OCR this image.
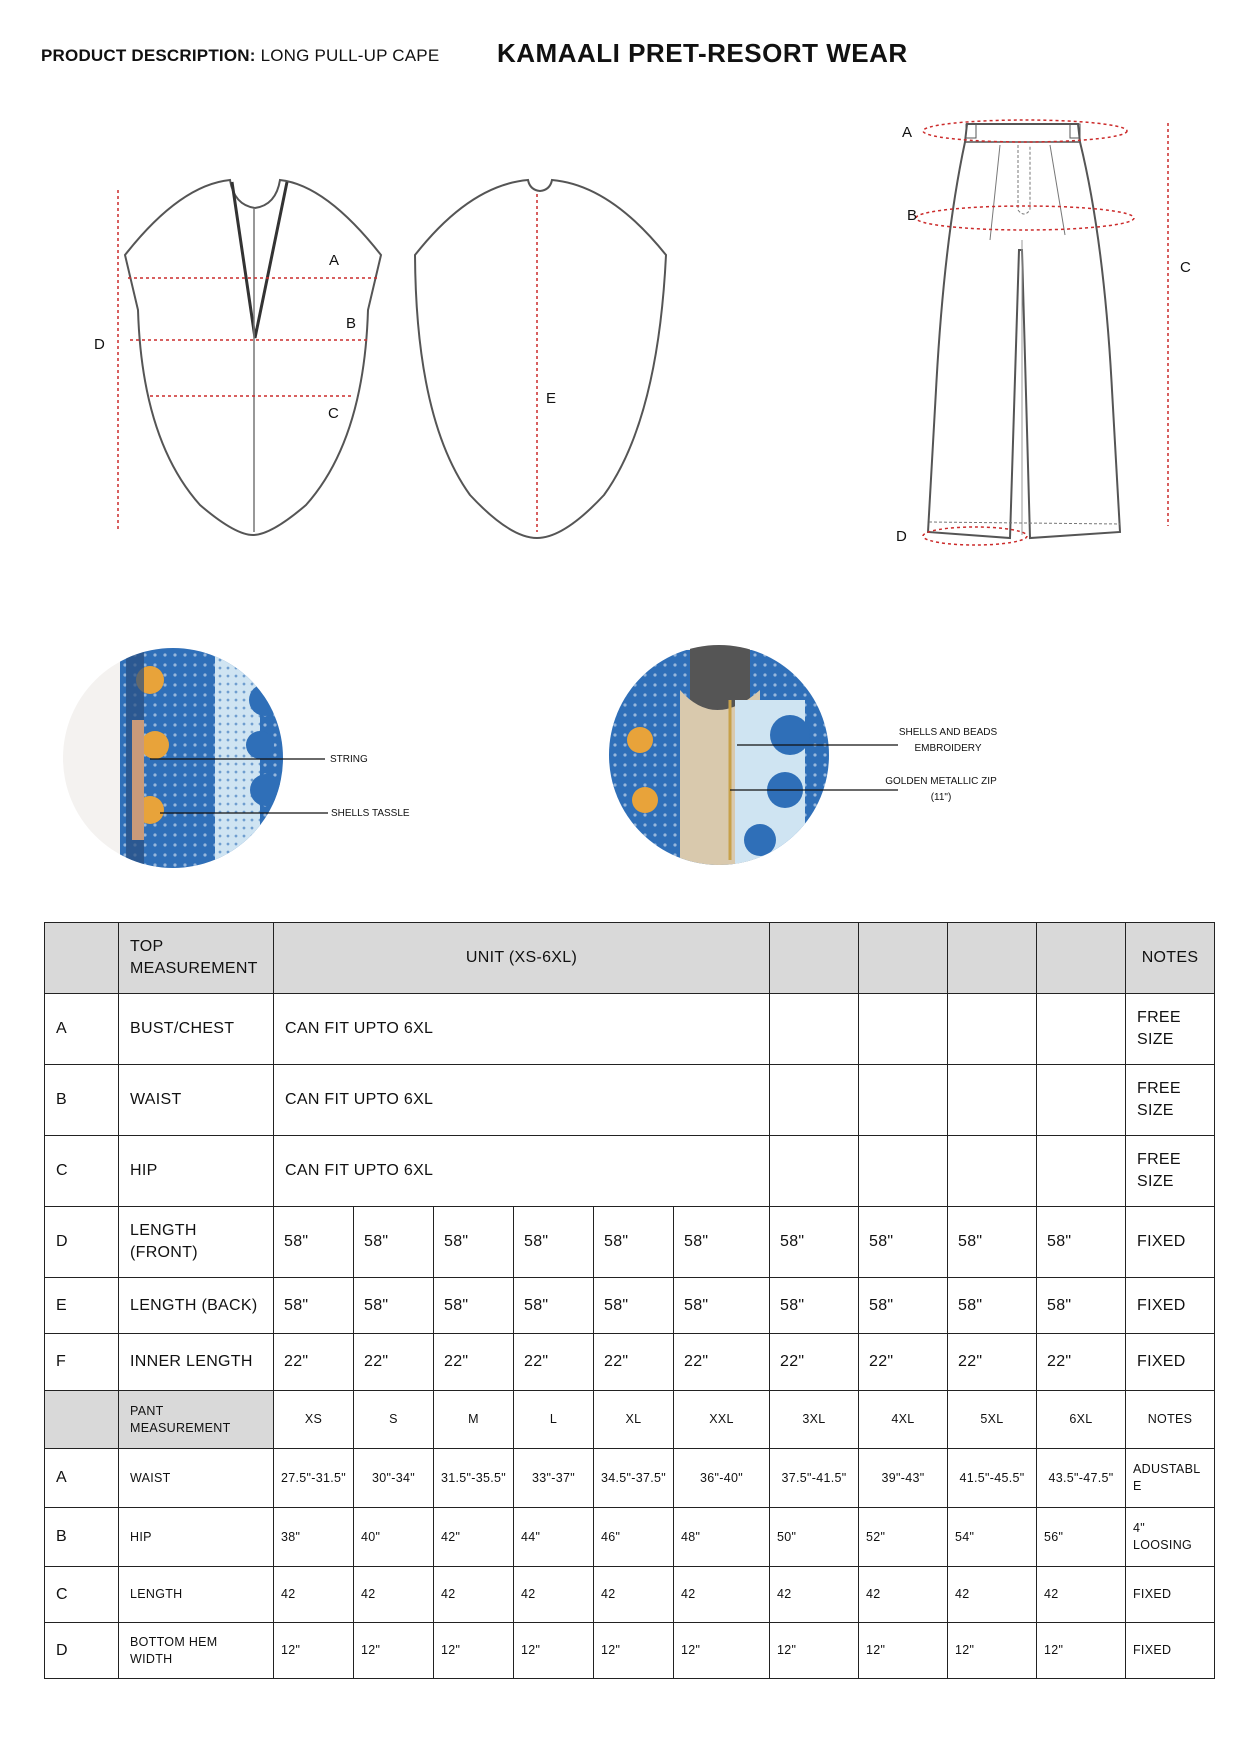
PRODUCT DESCRIPTION: LONG PULL-UP CAPE KAMAALI PRET-RESORT WEAR
A
B
C
D
E
A
B
C
D
STRING
SHELLS TASSLE
SHELLS AND BEADS
EMBROIDERY
GOLDEN METALLIC ZIP
(11")
	TOP MEASUREMENT	UNIT (XS-6XL)										NOTES
A	BUST/CHEST	CAN FIT UPTO 6XL										FREE SIZE
B	WAIST	CAN FIT UPTO 6XL										FREE SIZE
C	HIP	CAN FIT UPTO 6XL										FREE SIZE
D	LENGTH (FRONT)	58"	58"	58"	58"	58"	58"	58"	58"	58"	58"	FIXED
E	LENGTH (BACK)	58"	58"	58"	58"	58"	58"	58"	58"	58"	58"	FIXED
F	INNER LENGTH	22"	22"	22"	22"	22"	22"	22"	22"	22"	22"	FIXED
	PANT MEASUREMENT	XS	S	M	L	XL	XXL	3XL	4XL	5XL	6XL	NOTES
A	WAIST	27.5"-31.5"	30"-34"	31.5"-35.5"	33"-37"	34.5"-37.5"	36"-40"	37.5"-41.5"	39"-43"	41.5"-45.5"	43.5"-47.5"	ADUSTABLE
B	HIP	38"	40"	42"	44"	46"	48"	50"	52"	54"	56"	4" LOOSING
C	LENGTH	42	42	42	42	42	42	42	42	42	42	FIXED
D	BOTTOM HEM WIDTH	12"	12"	12"	12"	12"	12"	12"	12"	12"	12"	FIXED
